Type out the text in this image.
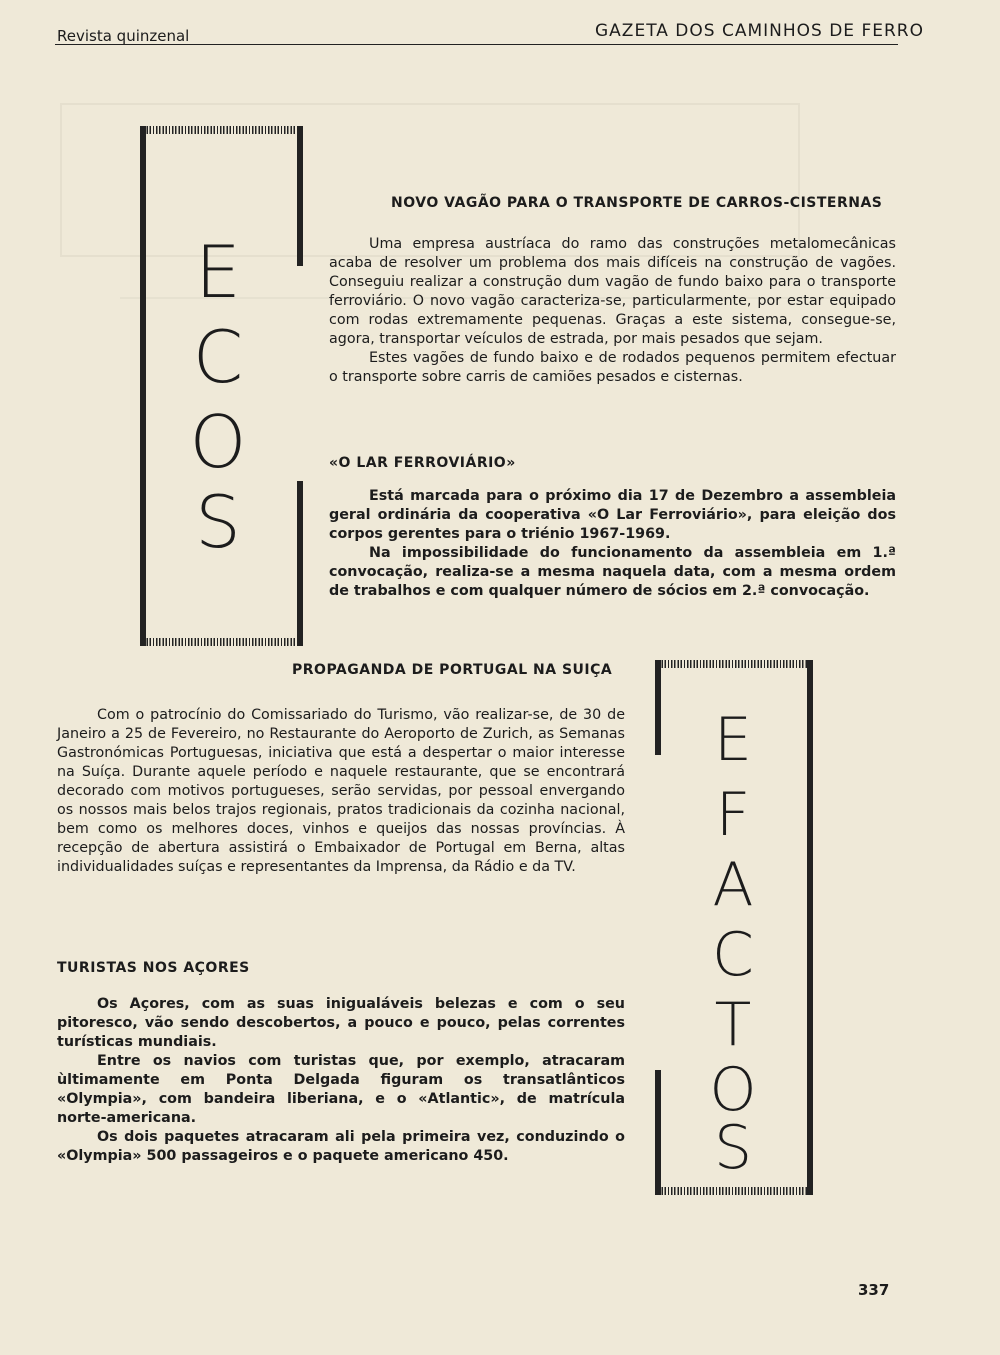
Revista quinzenal	GAZETA DOS CAMINHOS DE FERRO
E
C
O
S
E
F
A
C
T
O
S
NOVO VAGÃO PARA O TRANSPORTE DE CARROS-CISTERNAS

Uma empresa austríaca do ramo das construções metalomecânicas acaba de resolver um problema dos mais difíceis na construção de vagões. Conseguiu realizar a construção dum vagão de fundo baixo para o transporte ferroviário. O novo vagão caracteriza-se, particularmente, por estar equipado com rodas extremamente pequenas. Graças a este sistema, consegue-se, agora, transportar veículos de estrada, por mais pesados que sejam.

Estes vagões de fundo baixo e de rodados pequenos permitem efectuar o transporte sobre carris de camiões pesados e cisternas.

«O LAR FERROVIÁRIO»

Está marcada para o próximo dia 17 de Dezembro a assembleia geral ordinária da cooperativa «O Lar Ferroviário», para eleição dos corpos gerentes para o triénio 1967-1969.

Na impossibilidade do funcionamento da assembleia em 1.ª convocação, realiza-se a mesma naquela data, com a mesma ordem de trabalhos e com qualquer número de sócios em 2.ª convocação.

PROPAGANDA DE PORTUGAL NA SUIÇA

Com o patrocínio do Comissariado do Turismo, vão realizar-se, de 30 de Janeiro a 25 de Fevereiro, no Restaurante do Aeroporto de Zurich, as Semanas Gastronómicas Portuguesas, iniciativa que está a despertar o maior interesse na Suíça. Durante aquele período e naquele restaurante, que se encontrará decorado com motivos portugueses, serão servidas, por pessoal envergando os nossos mais belos trajos regionais, pratos tradicionais da cozinha nacional, bem como os melhores doces, vinhos e queijos das nossas províncias. À recepção de abertura assistirá o Embaixador de Portugal em Berna, altas individualidades suíças e representantes da Imprensa, da Rádio e da TV.

TURISTAS NOS AÇORES

Os Açores, com as suas inigualáveis belezas e com o seu pitoresco, vão sendo descobertos, a pouco e pouco, pelas correntes turísticas mundiais.

Entre os navios com turistas que, por exemplo, atracaram ùltimamente em Ponta Delgada figuram os transatlânticos «Olympia», com bandeira liberiana, e o «Atlantic», de matrícula norte-americana.

Os dois paquetes atracaram ali pela primeira vez, conduzindo o «Olympia» 500 passageiros e o paquete americano 450.

337
